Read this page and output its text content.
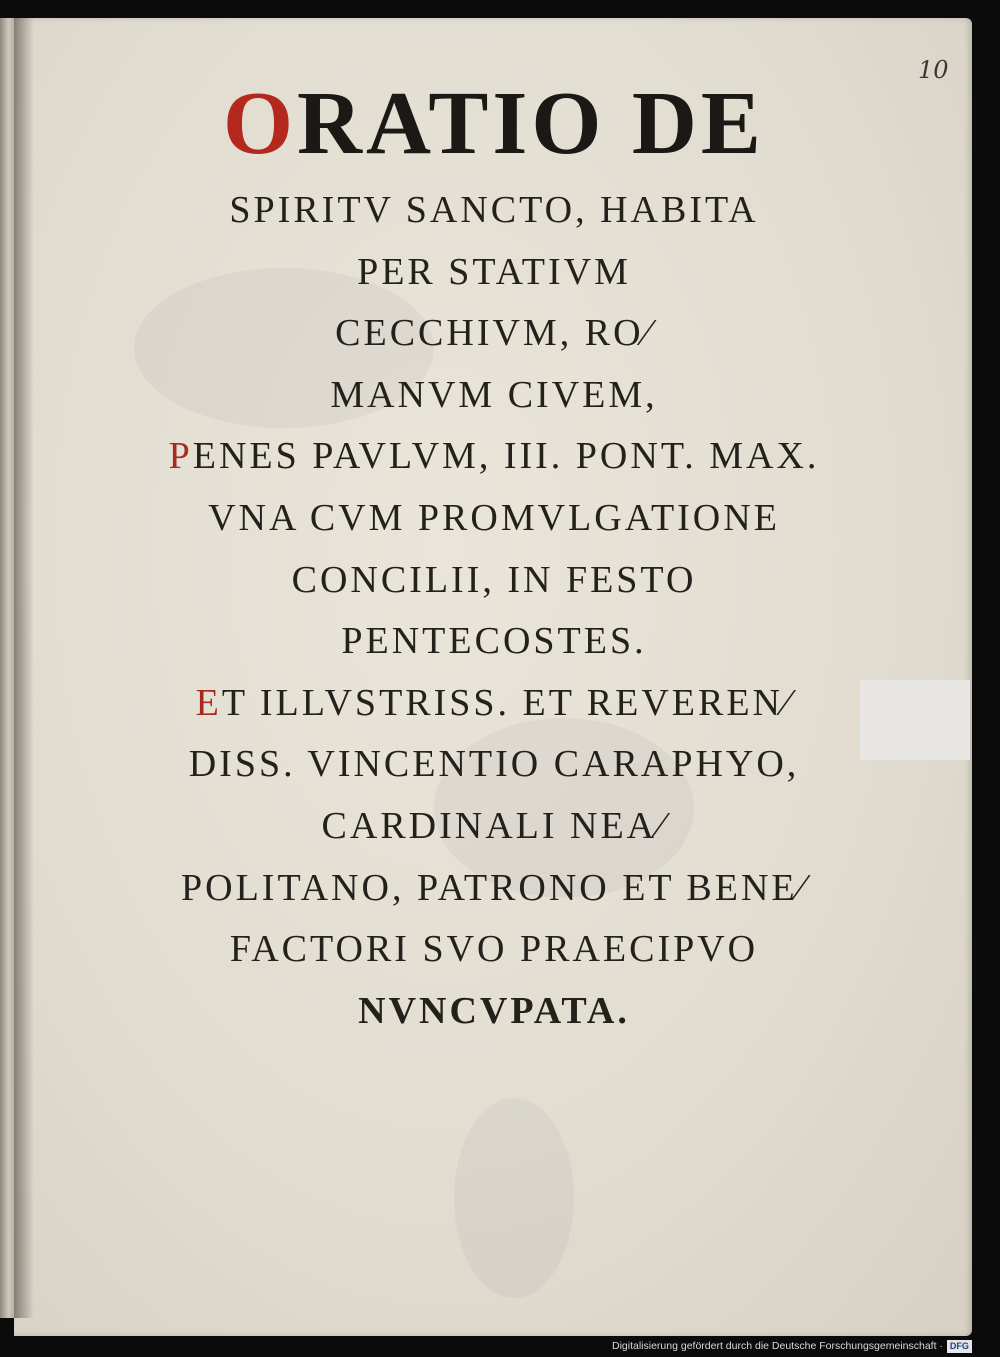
ORATIO DE
SPIRITV SANCTO, HABITA
PER STATIVM
CECCHIVM, RO⁄
MANVM CIVEM,
PENES PAVLVM, III. PONT. MAX.
VNA CVM PROMVLGATIONE
CONCILII, IN FESTO
PENTECOSTES.
ET ILLVSTRISS. ET REVEREN⁄
DISS. VINCENTIO CARAPHYO,
CARDINALI NEA⁄
POLITANO, PATRONO ET BENE⁄
FACTORI SVO PRAECIPVO
NVNCVPATA.
10
Digitalisierung gefördert durch die Deutsche Forschungsgemeinschaft · DFG
